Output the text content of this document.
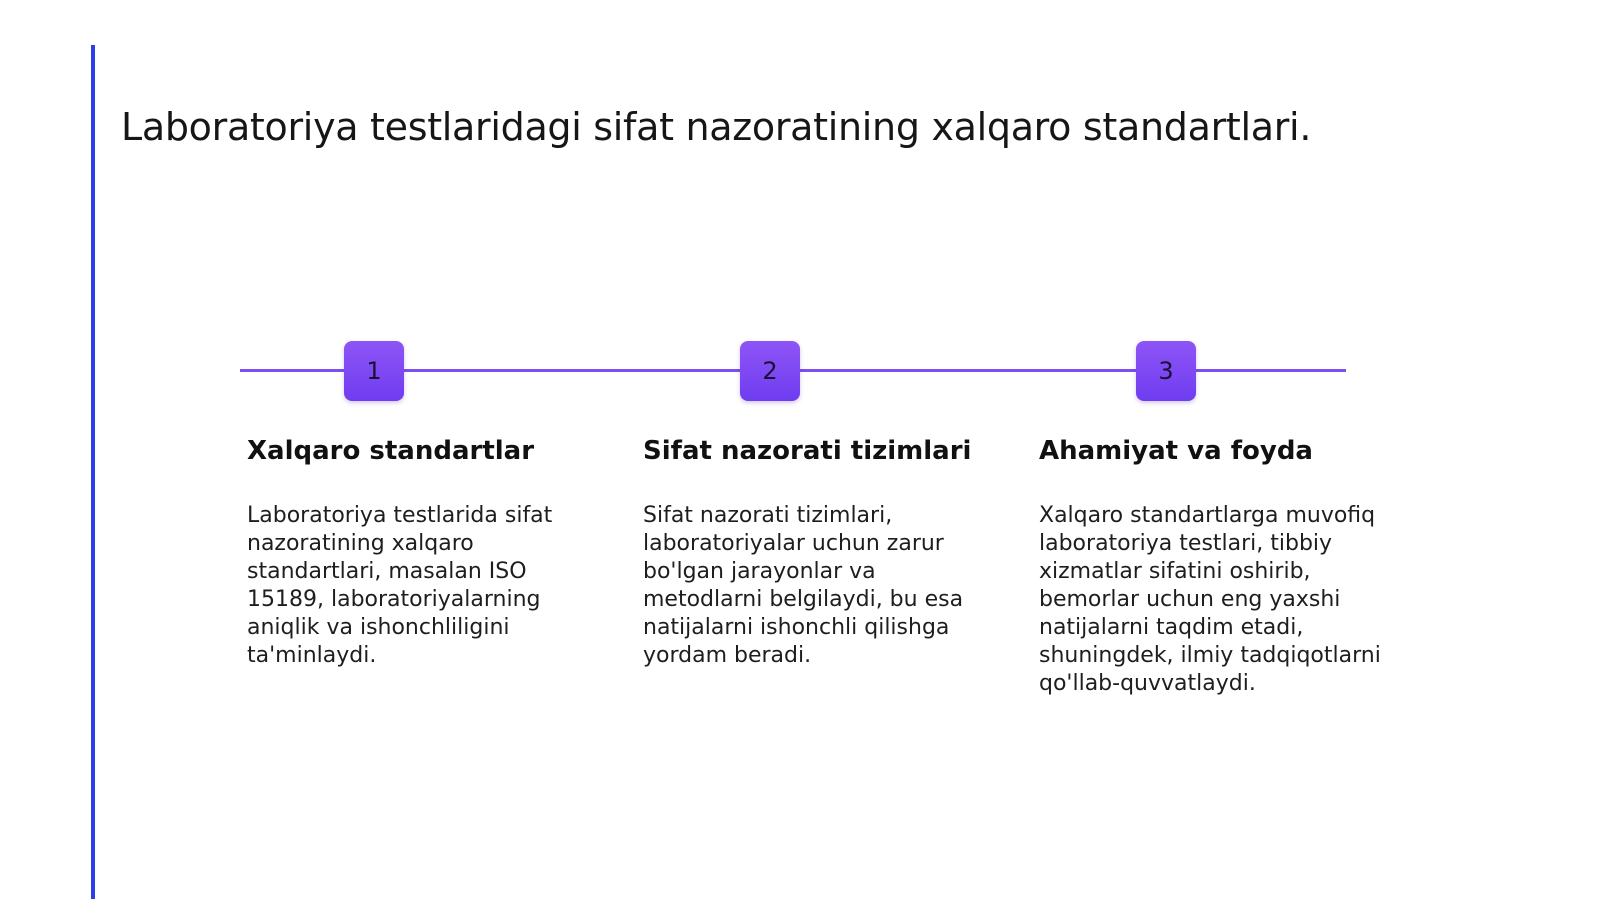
Laboratoriya testlaridagi sifat nazoratining xalqaro standartlari.
1	2	3
Xalqaro standartlar

Laboratoriya testlarida sifat nazoratining xalqaro standartlari, masalan ISO 15189, laboratoriyalarning aniqlik va ishonchliligini ta'minlaydi.

Sifat nazorati tizimlari

Sifat nazorati tizimlari, laboratoriyalar uchun zarur bo'lgan jarayonlar va metodlarni belgilaydi, bu esa natijalarni ishonchli qilishga yordam beradi.

Ahamiyat va foyda

Xalqaro standartlarga muvofiq laboratoriya testlari, tibbiy xizmatlar sifatini oshirib, bemorlar uchun eng yaxshi natijalarni taqdim etadi, shuningdek, ilmiy tadqiqotlarni qo'llab-quvvatlaydi.
